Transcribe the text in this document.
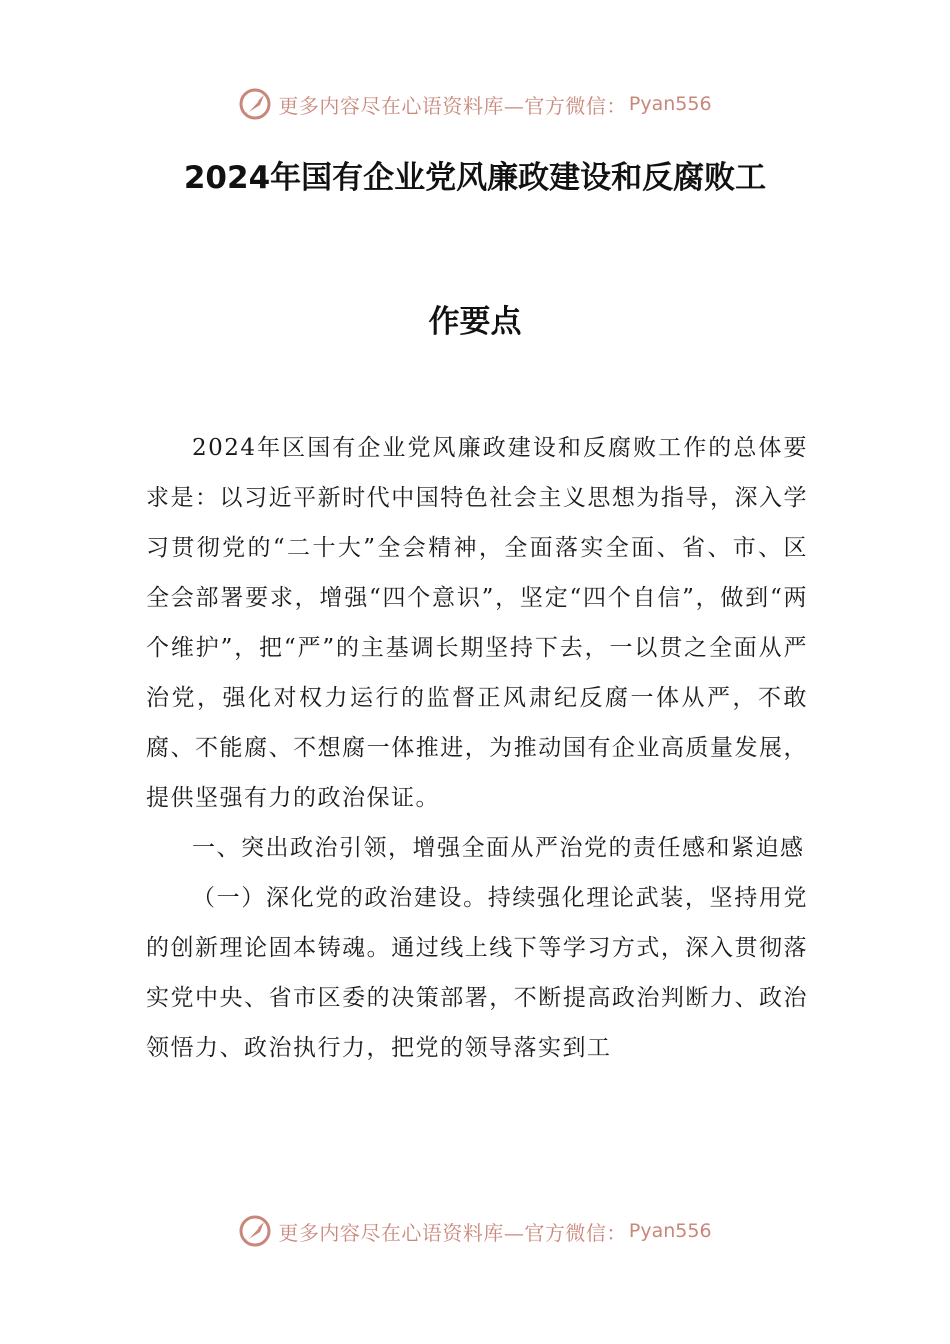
更多内容尽在心语资料库—官方微信： Pyan556
2024年国有企业党风廉政建设和反腐败工
作要点

2024年区国有企业党风廉政建设和反腐败工作的总体要求是：以习近平新时代中国特色社会主义思想为指导，深入学习贯彻党的“二十大”全会精神，全面落实全面、省、市、区全会部署要求，增强“四个意识”，坚定“四个自信”，做到“两个维护”，把“严”的主基调长期坚持下去，一以贯之全面从严治党，强化对权力运行的监督正风肃纪反腐一体从严，不敢腐、不能腐、不想腐一体推进，为推动国有企业高质量发展，提供坚强有力的政治保证。

一、突出政治引领，增强全面从严治党的责任感和紧迫感

（一）深化党的政治建设。持续强化理论武装，坚持用党的创新理论固本铸魂。通过线上线下等学习方式，深入贯彻落实党中央、省市区委的决策部署，不断提高政治判断力、政治领悟力、政治执行力，把党的领导落实到工

更多内容尽在心语资料库—官方微信： Pyan556
